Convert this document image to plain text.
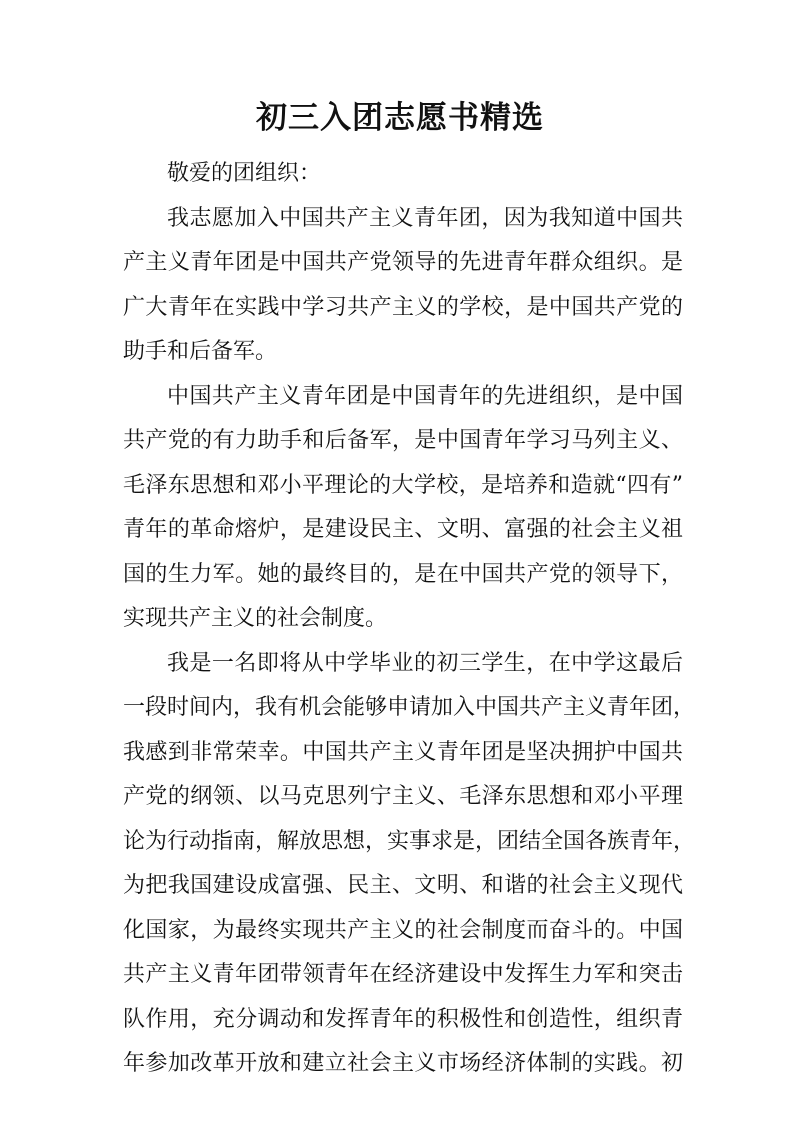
初三入团志愿书精选
敬爱的团组织：
我志愿加入中国共产主义青年团，因为我知道中国共
产主义青年团是中国共产党领导的先进青年群众组织。是
广大青年在实践中学习共产主义的学校，是中国共产党的
助手和后备军。
中国共产主义青年团是中国青年的先进组织，是中国
共产党的有力助手和后备军，是中国青年学习马列主义、
毛泽东思想和邓小平理论的大学校，是培养和造就“四有”
青年的革命熔炉，是建设民主、文明、富强的社会主义祖
国的生力军。她的最终目的，是在中国共产党的领导下，
实现共产主义的社会制度。
我是一名即将从中学毕业的初三学生，在中学这最后
一段时间内，我有机会能够申请加入中国共产主义青年团，
我感到非常荣幸。中国共产主义青年团是坚决拥护中国共
产党的纲领、以马克思列宁主义、毛泽东思想和邓小平理
论为行动指南，解放思想，实事求是，团结全国各族青年，
为把我国建设成富强、民主、文明、和谐的社会主义现代
化国家，为最终实现共产主义的社会制度而奋斗的。中国
共产主义青年团带领青年在经济建设中发挥生力军和突击
队作用，充分调动和发挥青年的积极性和创造性，组织青
年参加改革开放和建立社会主义市场经济体制的实践。初
